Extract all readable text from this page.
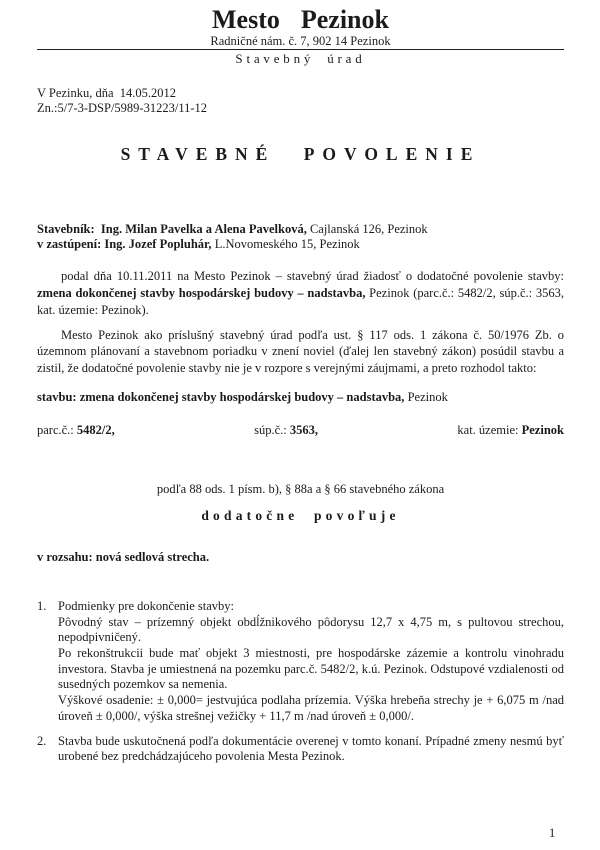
Mesto  Pezinok
Radničné nám. č. 7, 902 14 Pezinok
Stavebný úrad
V Pezinku, dňa  14.05.2012
Zn.:5/7-3-DSP/5989-31223/11-12
STAVEBNÉ POVOLENIE

Stavebník:  Ing. Milan Pavelka a Alena Pavelková, Cajlanská 126, Pezinok

v zastúpení: Ing. Jozef Popluhár, L.Novomeského 15, Pezinok

podal dňa 10.11.2011 na Mesto Pezinok – stavebný úrad žiadosť o dodatočné povolenie stavby: zmena dokončenej stavby hospodárskej budovy – nadstavba, Pezinok (parc.č.: 5482/2, súp.č.: 3563, kat. územie: Pezinok).

Mesto Pezinok ako príslušný stavebný úrad podľa ust. § 117 ods. 1 zákona č. 50/1976 Zb. o územnom plánovaní a stavebnom poriadku v znení noviel (ďalej len stavebný zákon) posúdil stavbu a zistil, že dodatočné povolenie stavby nie je v rozpore s verejnými záujmami, a preto rozhodol takto:

stavbu: zmena dokončenej stavby hospodárskej budovy – nadstavba, Pezinok

parc.č.: 5482/2,	súp.č.: 3563,	kat. územie: Pezinok

podľa 88 ods. 1 písm. b), § 88a a § 66 stavebného zákona

dodatočne povoľuje

v rozsahu: nová sedlová strecha.

1. Podmienky pre dokončenie stavby:

Pôvodný stav – prízemný objekt obdĺžnikového pôdorysu 12,7 x 4,75 m, s pultovou strechou, nepodpivničený.

Po rekonštrukcii bude mať objekt 3 miestnosti, pre hospodárske zázemie a kontrolu vinohradu investora. Stavba je umiestnená na pozemku parc.č. 5482/2, k.ú. Pezinok. Odstupové vzdialenosti od susedných pozemkov sa nemenia.

Výškové osadenie: ± 0,000= jestvujúca podlaha prízemia. Výška hrebeňa strechy je + 6,075 m /nad úroveň ± 0,000/, výška strešnej vežičky + 11,7 m /nad úroveň ± 0,000/.

2. Stavba bude uskutočnená podľa dokumentácie overenej v tomto konaní. Prípadné zmeny nesmú byť urobené bez predchádzajúceho povolenia Mesta Pezinok.

1
